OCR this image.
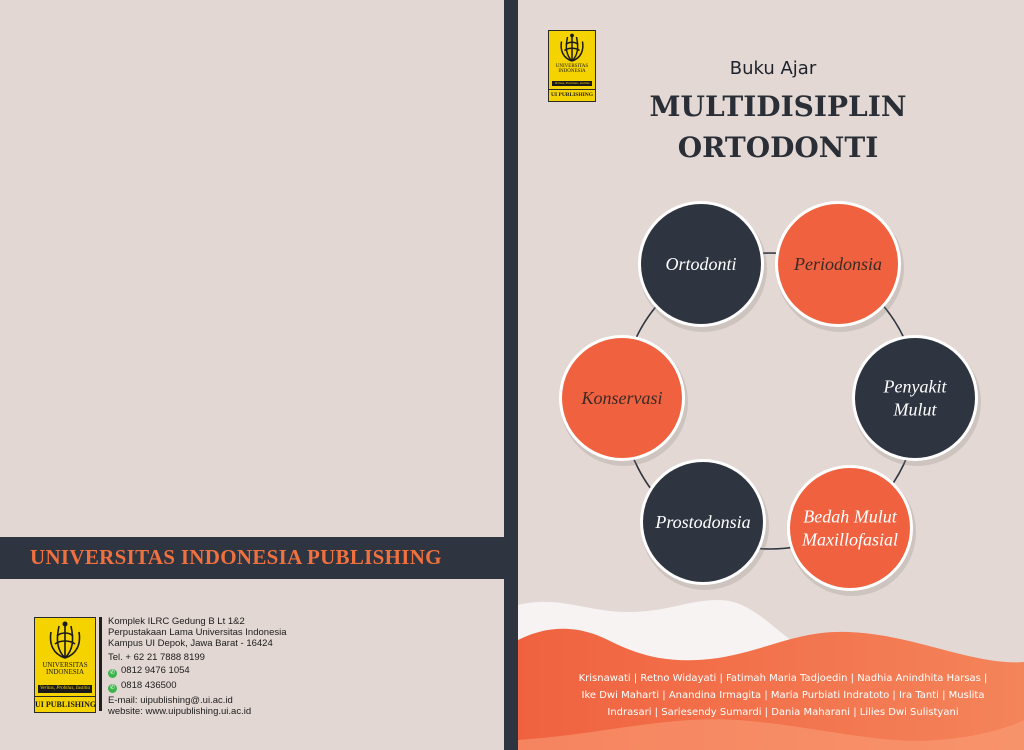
UNIVERSITAS INDONESIA PUBLISHING
UNIVERSITAS
INDONESIA
Veritas, Probitas, Iustitia
UI PUBLISHING
Komplek ILRC Gedung B Lt 1&2
Perpustakaan Lama Universitas Indonesia
Kampus UI Depok, Jawa Barat - 16424
Tel. + 62 21 7888 8199
✆ 0812 9476 1054
✆ 0818 436500
E-mail: uipublishing@.ui.ac.id
website: www.uipublishing.ui.ac.id
UNIVERSITAS
INDONESIA
Veritas, Probitas, Iustitia
UI PUBLISHING
Buku Ajar
MULTIDISIPLIN
ORTODONTI
Ortodonti	Periodonsia
Penyakit
Mulut
Bedah Mulut
Maxillofasial
Prostodonsia
Konservasi
Krisnawati | Retno Widayati | Fatimah Maria Tadjoedin | Nadhia Anindhita Harsas |
Ike Dwi Maharti | Anandina Irmagita | Maria Purbiati Indratoto | Ira Tanti | Muslita
Indrasari | Sariesendy Sumardi | Dania Maharani | Lilies Dwi Sulistyani
